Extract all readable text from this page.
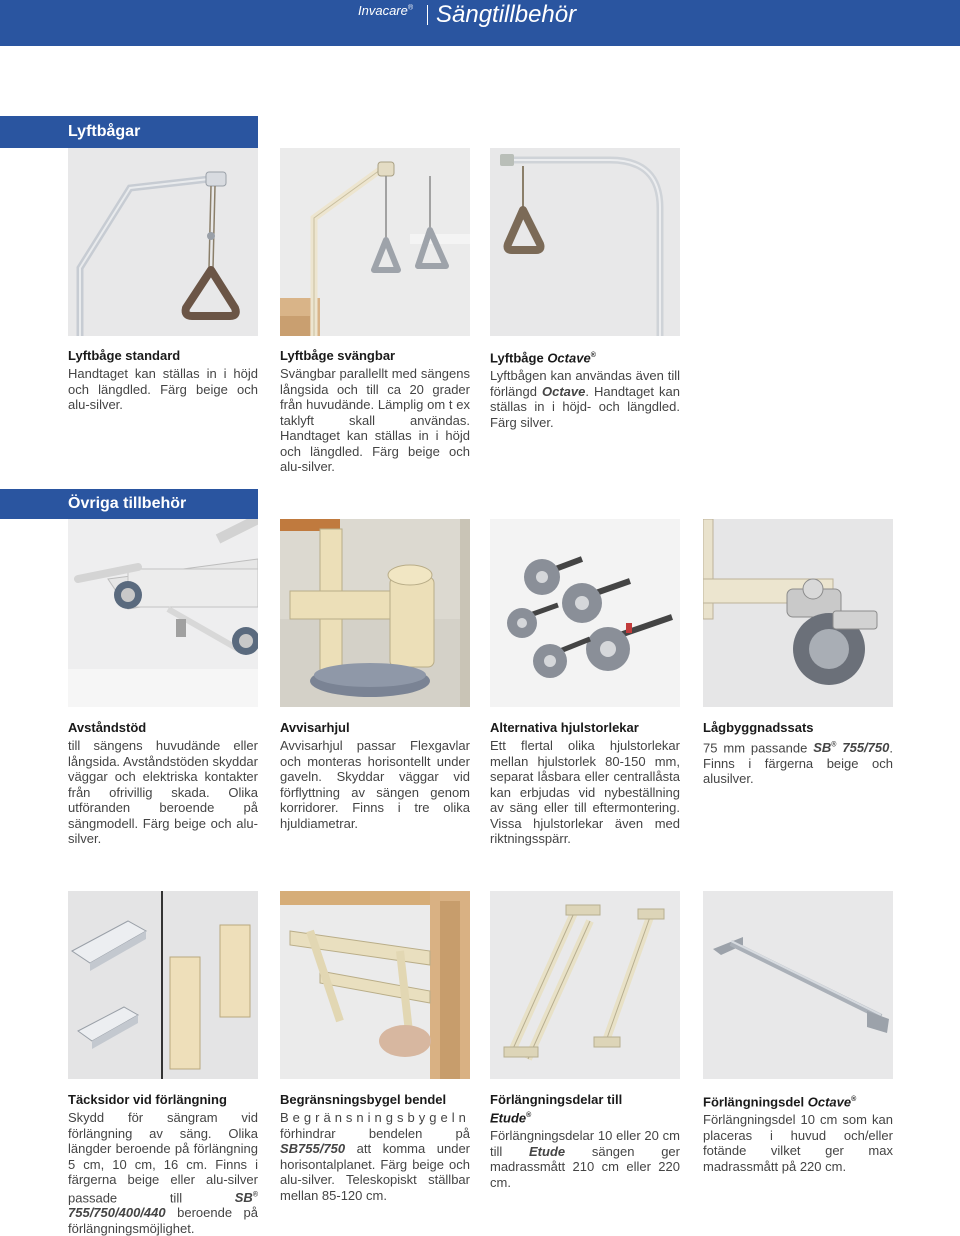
Invacare® Sängtillbehör
Lyftbågar
Övriga tillbehör
Lyftbåge standard

Handtaget kan ställas in i höjd och längdled. Färg beige och alu-silver.

Lyftbåge svängbar

Svängbar parallellt med sängens långsida och till ca 20 grader från huvudände. Lämplig om t ex taklyft skall användas. Handtaget kan ställas in i höjd och längdled. Färg beige och alu-silver.

Lyftbåge Octave®

Lyftbågen kan användas även till förlängd Octave. Handtaget kan ställas in i höjd- och längdled. Färg silver.

Avståndstöd

till sängens huvudände eller långsida. Avståndstöden skyddar väggar och elektriska kontakter från ofrivillig skada. Olika utföranden beroende på sängmodell. Färg beige och alu-silver.

Avvisarhjul

Avvisarhjul passar Flexgavlar och monteras horisontellt under gaveln. Skyddar väggar vid förflyttning av sängen genom korridorer. Finns i tre olika hjuldiametrar.

Alternativa hjulstorlekar

Ett flertal olika hjulstorlekar mellan hjulstorlek 80-150 mm, separat låsbara eller centrallåsta kan erbjudas vid nybeställning av säng eller till eftermontering. Vissa hjulstorlekar även med riktningsspärr.

Lågbyggnadssats

75 mm passande SB® 755/750. Finns i färgerna beige och alusilver.

Täcksidor vid förlängning

Skydd för sängram vid förlängning av säng. Olika längder beroende på förlängning 5 cm, 10 cm, 16 cm. Finns i färgerna beige eller alu-silver passade till SB® 755/750/400/440 beroende på förlängningsmöjlighet.

Begränsningsbygel bendel

Begränsningsbygeln förhindrar bendelen på SB755/750 att komma under horisontalplanet. Färg beige och alu-silver. Teleskopiskt ställbar mellan 85-120 cm.

Förlängningsdelar till
Etude®

Förlängningsdelar 10 eller 20 cm till Etude sängen ger madrassmått 210 cm eller 220 cm.

Förlängningsdel Octave®

Förlängningsdel 10 cm som kan placeras i huvud och/eller fotände vilket ger max madrassmått på 220 cm.
